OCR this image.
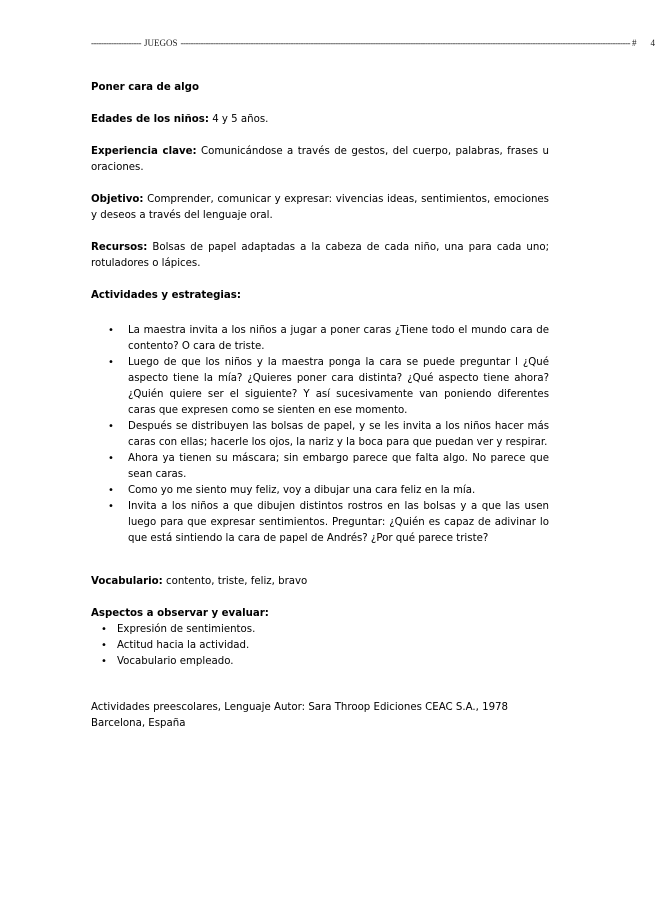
-------------------- JUEGOS ------------------------------------------------------------------------------------------------------------------------------------------------------------------------------------ # 4

Poner cara de algo

Edades de los niños: 4 y 5 años.

Experiencia clave: Comunicándose a través de gestos, del cuerpo, palabras, frases u oraciones.

Objetivo: Comprender, comunicar y expresar: vivencias ideas, sentimientos, emociones y deseos a través del lenguaje oral.

Recursos: Bolsas de papel adaptadas a la cabeza de cada niño, una para cada uno; rotuladores o lápices.

Actividades y estrategias:

• La maestra invita a los niños a jugar a poner caras ¿Tiene todo el mundo cara de contento? O cara de triste.
• Luego de que los niños y la maestra ponga la cara se puede preguntar l ¿Qué aspecto tiene la mía? ¿Quieres poner cara distinta? ¿Qué aspecto tiene ahora? ¿Quién quiere ser el siguiente? Y así sucesivamente van poniendo diferentes caras que expresen como se sienten en ese momento.
• Después se distribuyen las bolsas de papel, y se les invita a los niños hacer más caras con ellas; hacerle los ojos, la nariz y la boca para que puedan ver y respirar.
• Ahora ya tienen su máscara; sin embargo parece que falta algo. No parece que sean caras.
• Como yo me siento muy feliz, voy a dibujar una cara feliz en la mía.
• Invita a los niños a que dibujen distintos rostros en las bolsas y a que las usen luego para que expresar sentimientos. Preguntar: ¿Quién es capaz de adivinar lo que está sintiendo la cara de papel de Andrés? ¿Por qué parece triste?

Vocabulario: contento, triste, feliz, bravo

Aspectos a observar y evaluar:

• Expresión de sentimientos.
• Actitud hacia la actividad.
• Vocabulario empleado.

Actividades preescolares, Lenguaje Autor: Sara Throop Ediciones CEAC S.A., 1978

Barcelona, España
